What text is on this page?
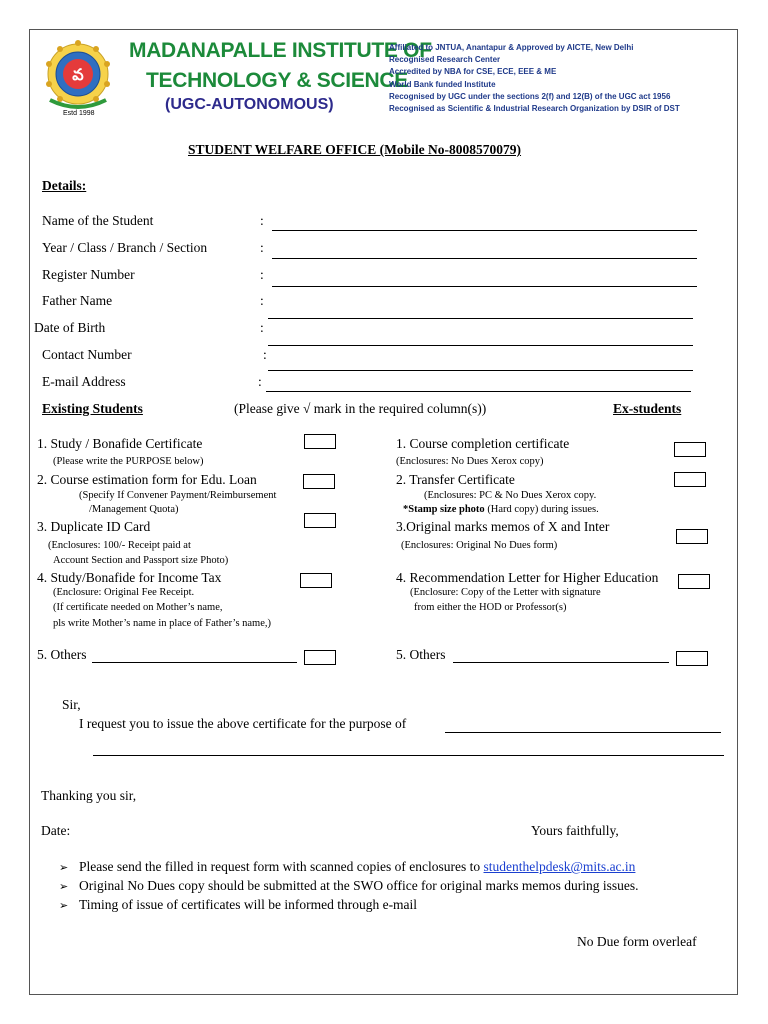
వ
Estd 1998
MADANAPALLE INSTITUTE OF
TECHNOLOGY & SCIENCE
(UGC-AUTONOMOUS)
Affiliated to JNTUA, Anantapur & Approved by AICTE, New Delhi
Recognised Research Center
Accredited by NBA for CSE, ECE, EEE & ME
World Bank funded Institute
Recognised by UGC under the sections 2(f) and 12(B) of the UGC act 1956
Recognised as Scientific & Industrial Research Organization by DSIR of DST
STUDENT WELFARE OFFICE (Mobile No-8008570079)
Details:
Name of the Student	:
Year / Class / Branch / Section	:
Register Number	:
Father Name	:
Date of Birth	:
Contact Number	:
E-mail Address	:
Existing Students	(Please give √ mark in the required column(s))	Ex-students
1. Study / Bonafide Certificate
(Please write the PURPOSE below)
2. Course estimation form for Edu. Loan
(Specify If Convener Payment/Reimbursement
/Management Quota)
3. Duplicate ID Card
(Enclosures: 100/- Receipt paid at
Account Section and Passport size Photo)
4. Study/Bonafide for Income Tax
(Enclosure: Original Fee Receipt.
(If certificate needed on Mother’s name,
pls write Mother’s name in place of Father’s name,)
5. Others
1. Course completion certificate
(Enclosures: No Dues Xerox copy)
2. Transfer Certificate
(Enclosures: PC & No Dues Xerox copy.
*Stamp size photo (Hard copy) during issues.
3.Original marks memos of X and Inter
(Enclosures: Original No Dues form)
4. Recommendation Letter for Higher Education
(Enclosure: Copy of the Letter with signature
from either the HOD or Professor(s)
5. Others
Sir,
I request you to issue the above certificate for the purpose of
Thanking you sir,
Date:	Yours faithfully,
➢ Please send the filled in request form with scanned copies of enclosures to studenthelpdesk@mits.ac.in
➢ Original No Dues copy should be submitted at the SWO office for original marks memos during issues.
➢ Timing of issue of certificates will be informed through e-mail
No Due form overleaf
